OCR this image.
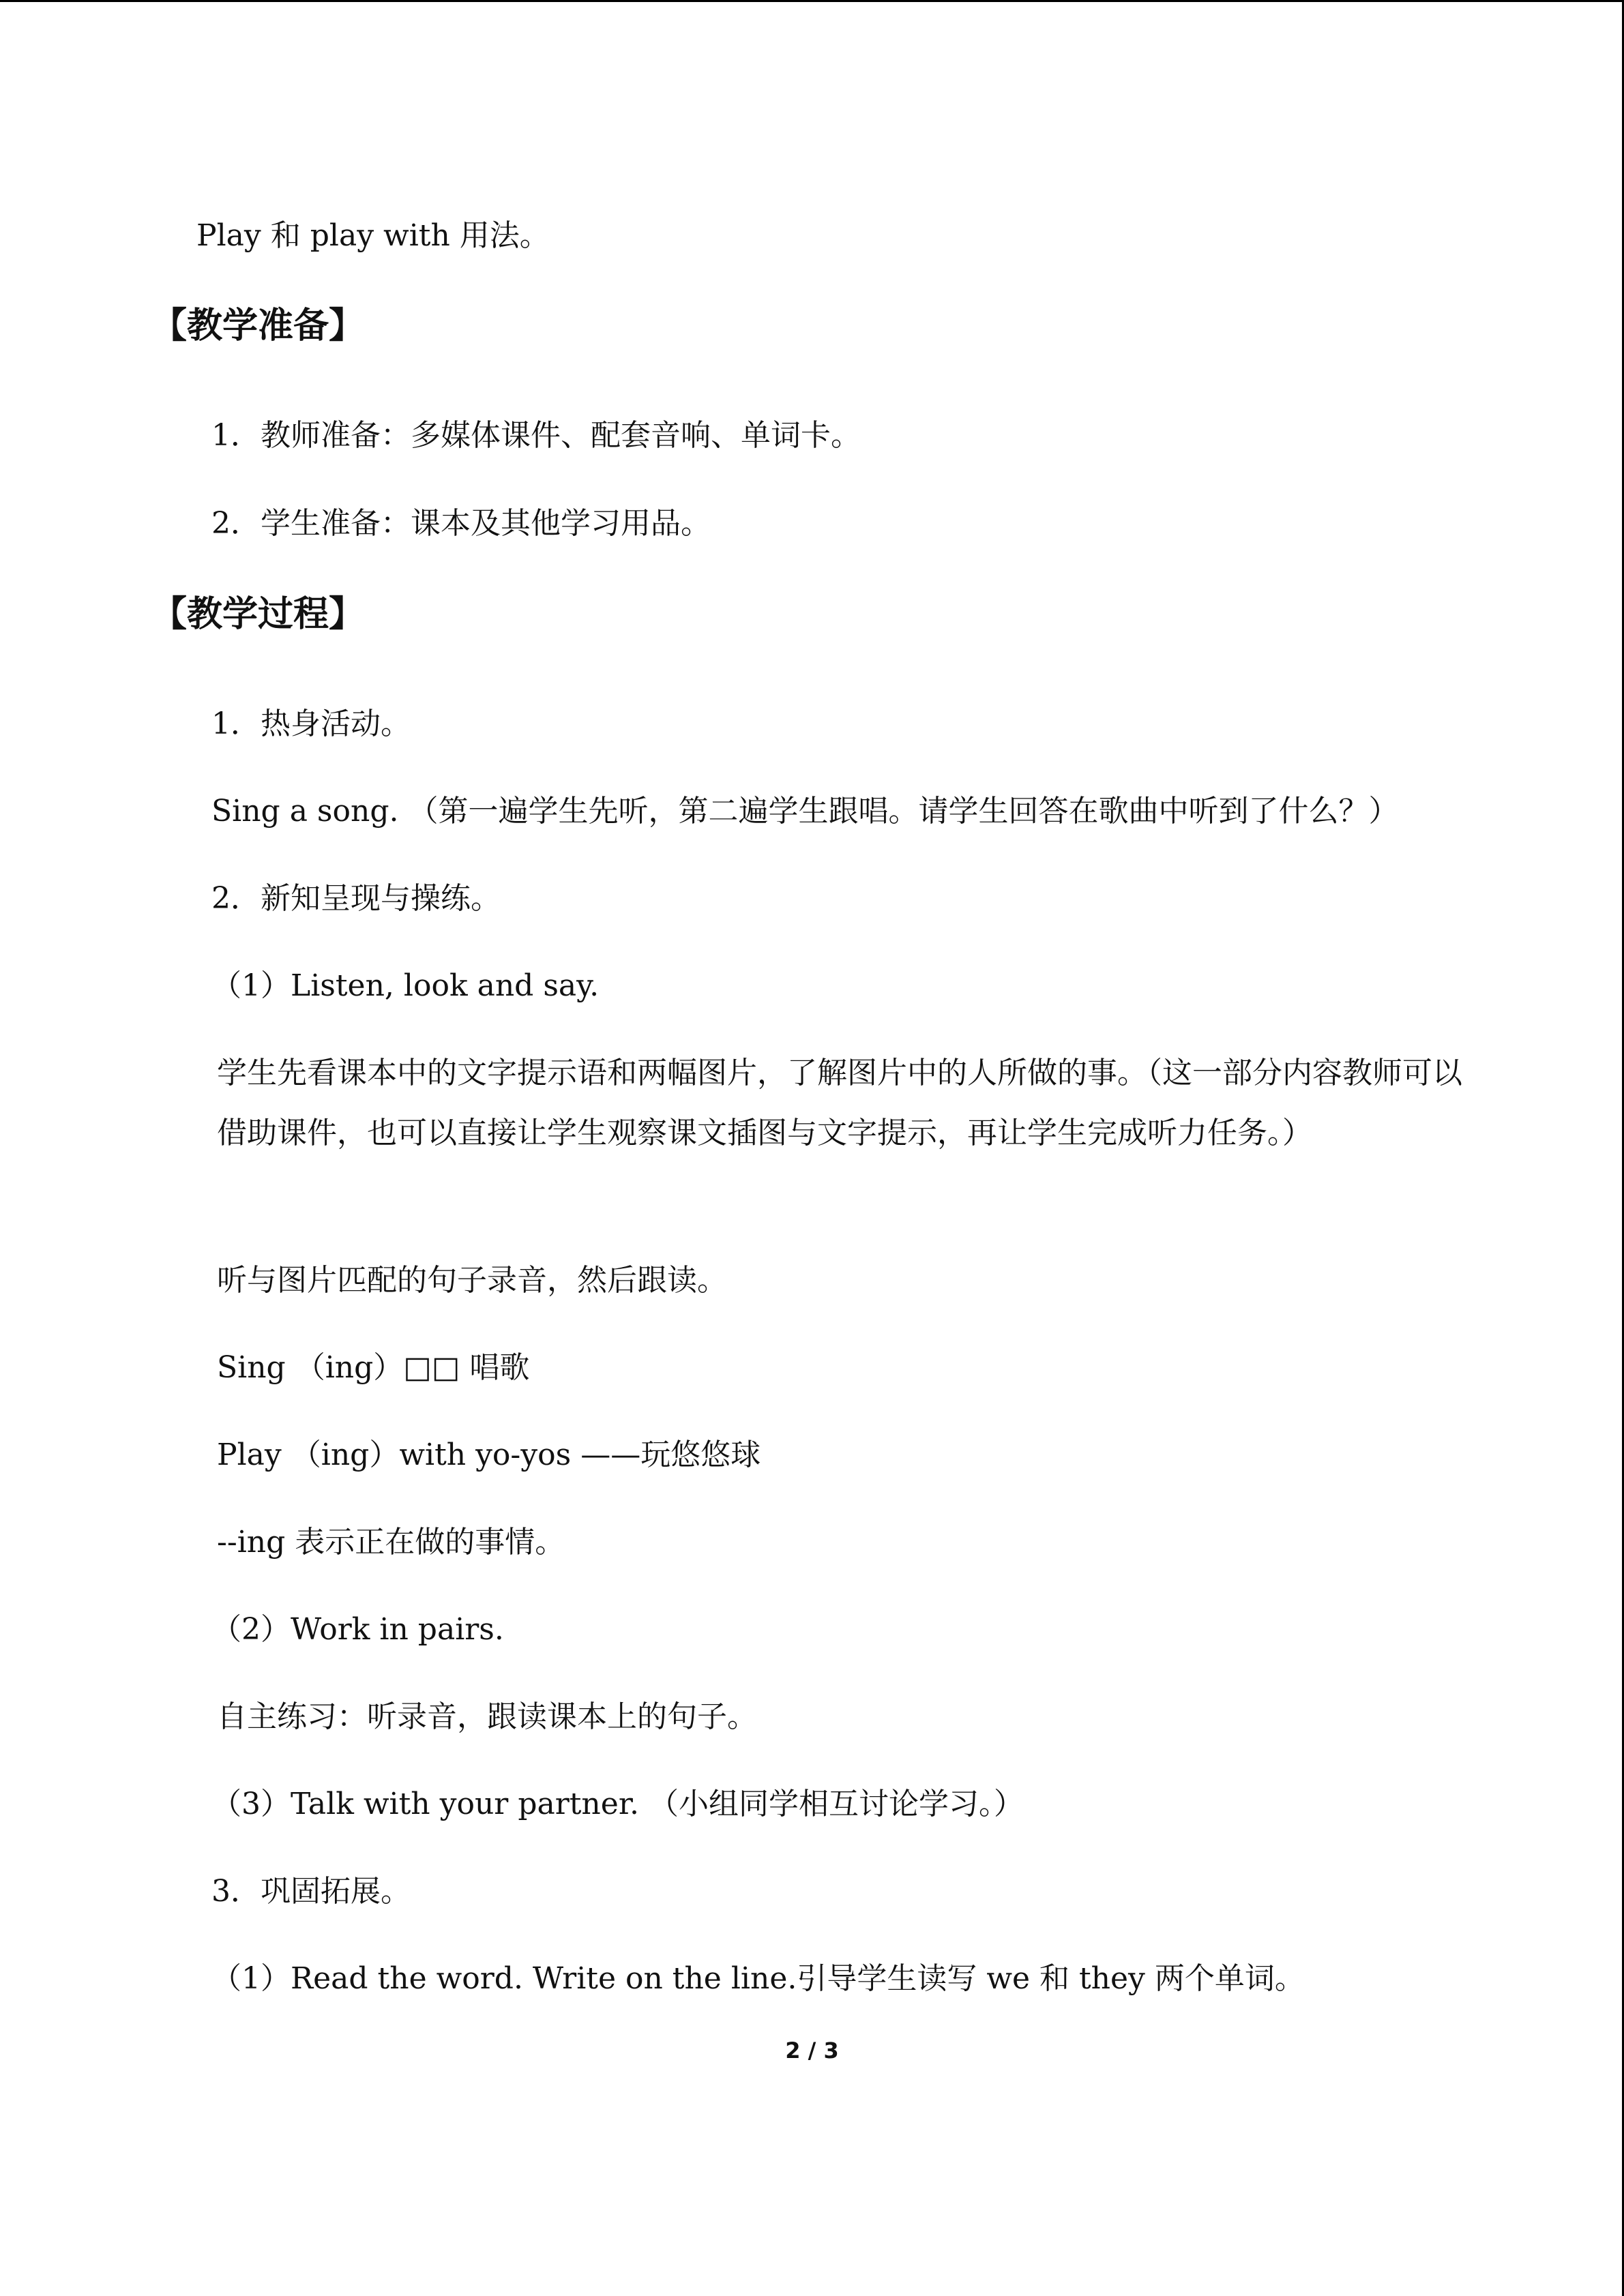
Play 和 play with 用法。
【教学准备】
1．教师准备：多媒体课件、配套音响、单词卡。
2．学生准备：课本及其他学习用品。
【教学过程】
1．热身活动。
Sing a song. （第一遍学生先听，第二遍学生跟唱。请学生回答在歌曲中听到了什么？）
2．新知呈现与操练。
（1）Listen, look and say.
学生先看课本中的文字提示语和两幅图片，了解图片中的人所做的事。（这一部分内容教师可以借助课件，也可以直接让学生观察课文插图与文字提示，再让学生完成听力任务。）
听与图片匹配的句子录音，然后跟读。
Sing （ing）□□ 唱歌
Play （ing）with yo-yos ——玩悠悠球
--ing 表示正在做的事情。
（2）Work in pairs.
自主练习：听录音，跟读课本上的句子。
（3）Talk with your partner. （小组同学相互讨论学习。）
3．巩固拓展。
（1）Read the word. Write on the line.引导学生读写 we 和 they 两个单词。
2 / 3
